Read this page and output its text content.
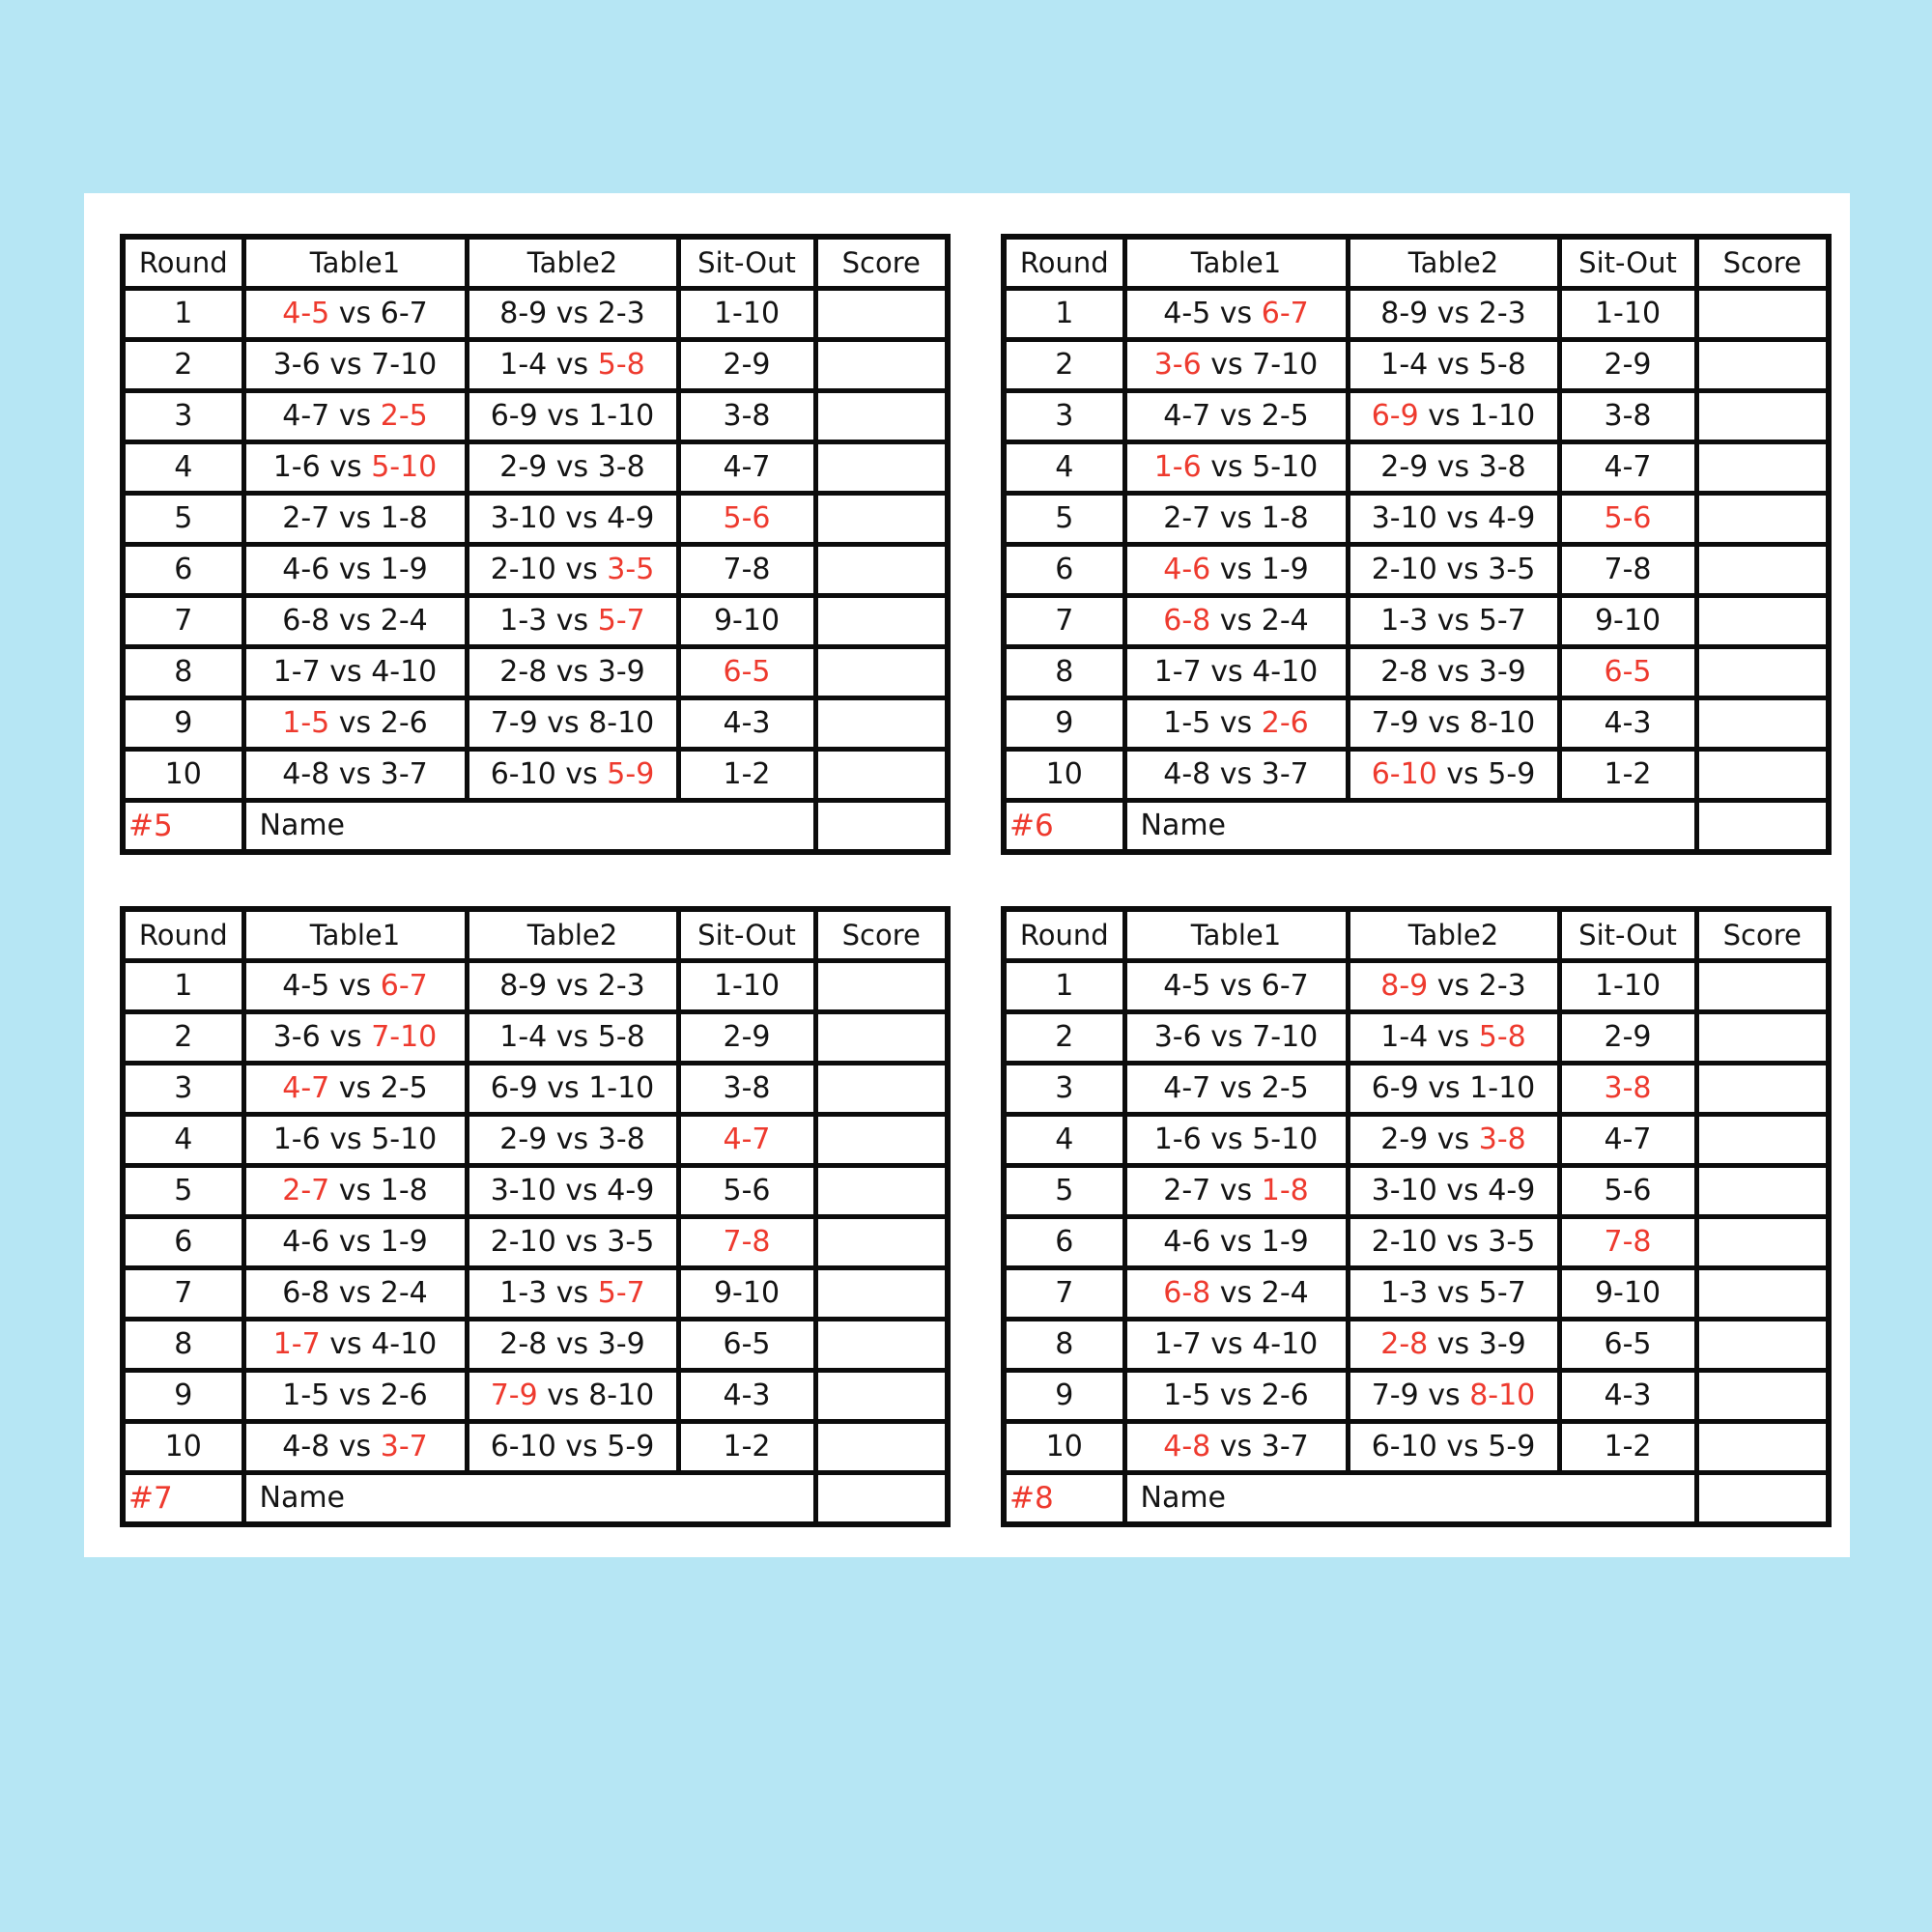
Round	Table1	Table2	Sit-Out	Score
1	4-5 vs 6-7	8-9 vs 2-3	1-10	
2	3-6 vs 7-10	1-4 vs 5-8	2-9	
3	4-7 vs 2-5	6-9 vs 1-10	3-8	
4	1-6 vs 5-10	2-9 vs 3-8	4-7	
5	2-7 vs 1-8	3-10 vs 4-9	5-6	
6	4-6 vs 1-9	2-10 vs 3-5	7-8	
7	6-8 vs 2-4	1-3 vs 5-7	9-10	
8	1-7 vs 4-10	2-8 vs 3-9	6-5	
9	1-5 vs 2-6	7-9 vs 8-10	4-3	
10	4-8 vs 3-7	6-10 vs 5-9	1-2	
#5	Name			
Round	Table1	Table2	Sit-Out	Score
1	4-5 vs 6-7	8-9 vs 2-3	1-10	
2	3-6 vs 7-10	1-4 vs 5-8	2-9	
3	4-7 vs 2-5	6-9 vs 1-10	3-8	
4	1-6 vs 5-10	2-9 vs 3-8	4-7	
5	2-7 vs 1-8	3-10 vs 4-9	5-6	
6	4-6 vs 1-9	2-10 vs 3-5	7-8	
7	6-8 vs 2-4	1-3 vs 5-7	9-10	
8	1-7 vs 4-10	2-8 vs 3-9	6-5	
9	1-5 vs 2-6	7-9 vs 8-10	4-3	
10	4-8 vs 3-7	6-10 vs 5-9	1-2	
#6	Name			
Round	Table1	Table2	Sit-Out	Score
1	4-5 vs 6-7	8-9 vs 2-3	1-10	
2	3-6 vs 7-10	1-4 vs 5-8	2-9	
3	4-7 vs 2-5	6-9 vs 1-10	3-8	
4	1-6 vs 5-10	2-9 vs 3-8	4-7	
5	2-7 vs 1-8	3-10 vs 4-9	5-6	
6	4-6 vs 1-9	2-10 vs 3-5	7-8	
7	6-8 vs 2-4	1-3 vs 5-7	9-10	
8	1-7 vs 4-10	2-8 vs 3-9	6-5	
9	1-5 vs 2-6	7-9 vs 8-10	4-3	
10	4-8 vs 3-7	6-10 vs 5-9	1-2	
#7	Name			
Round	Table1	Table2	Sit-Out	Score
1	4-5 vs 6-7	8-9 vs 2-3	1-10	
2	3-6 vs 7-10	1-4 vs 5-8	2-9	
3	4-7 vs 2-5	6-9 vs 1-10	3-8	
4	1-6 vs 5-10	2-9 vs 3-8	4-7	
5	2-7 vs 1-8	3-10 vs 4-9	5-6	
6	4-6 vs 1-9	2-10 vs 3-5	7-8	
7	6-8 vs 2-4	1-3 vs 5-7	9-10	
8	1-7 vs 4-10	2-8 vs 3-9	6-5	
9	1-5 vs 2-6	7-9 vs 8-10	4-3	
10	4-8 vs 3-7	6-10 vs 5-9	1-2	
#8	Name			
